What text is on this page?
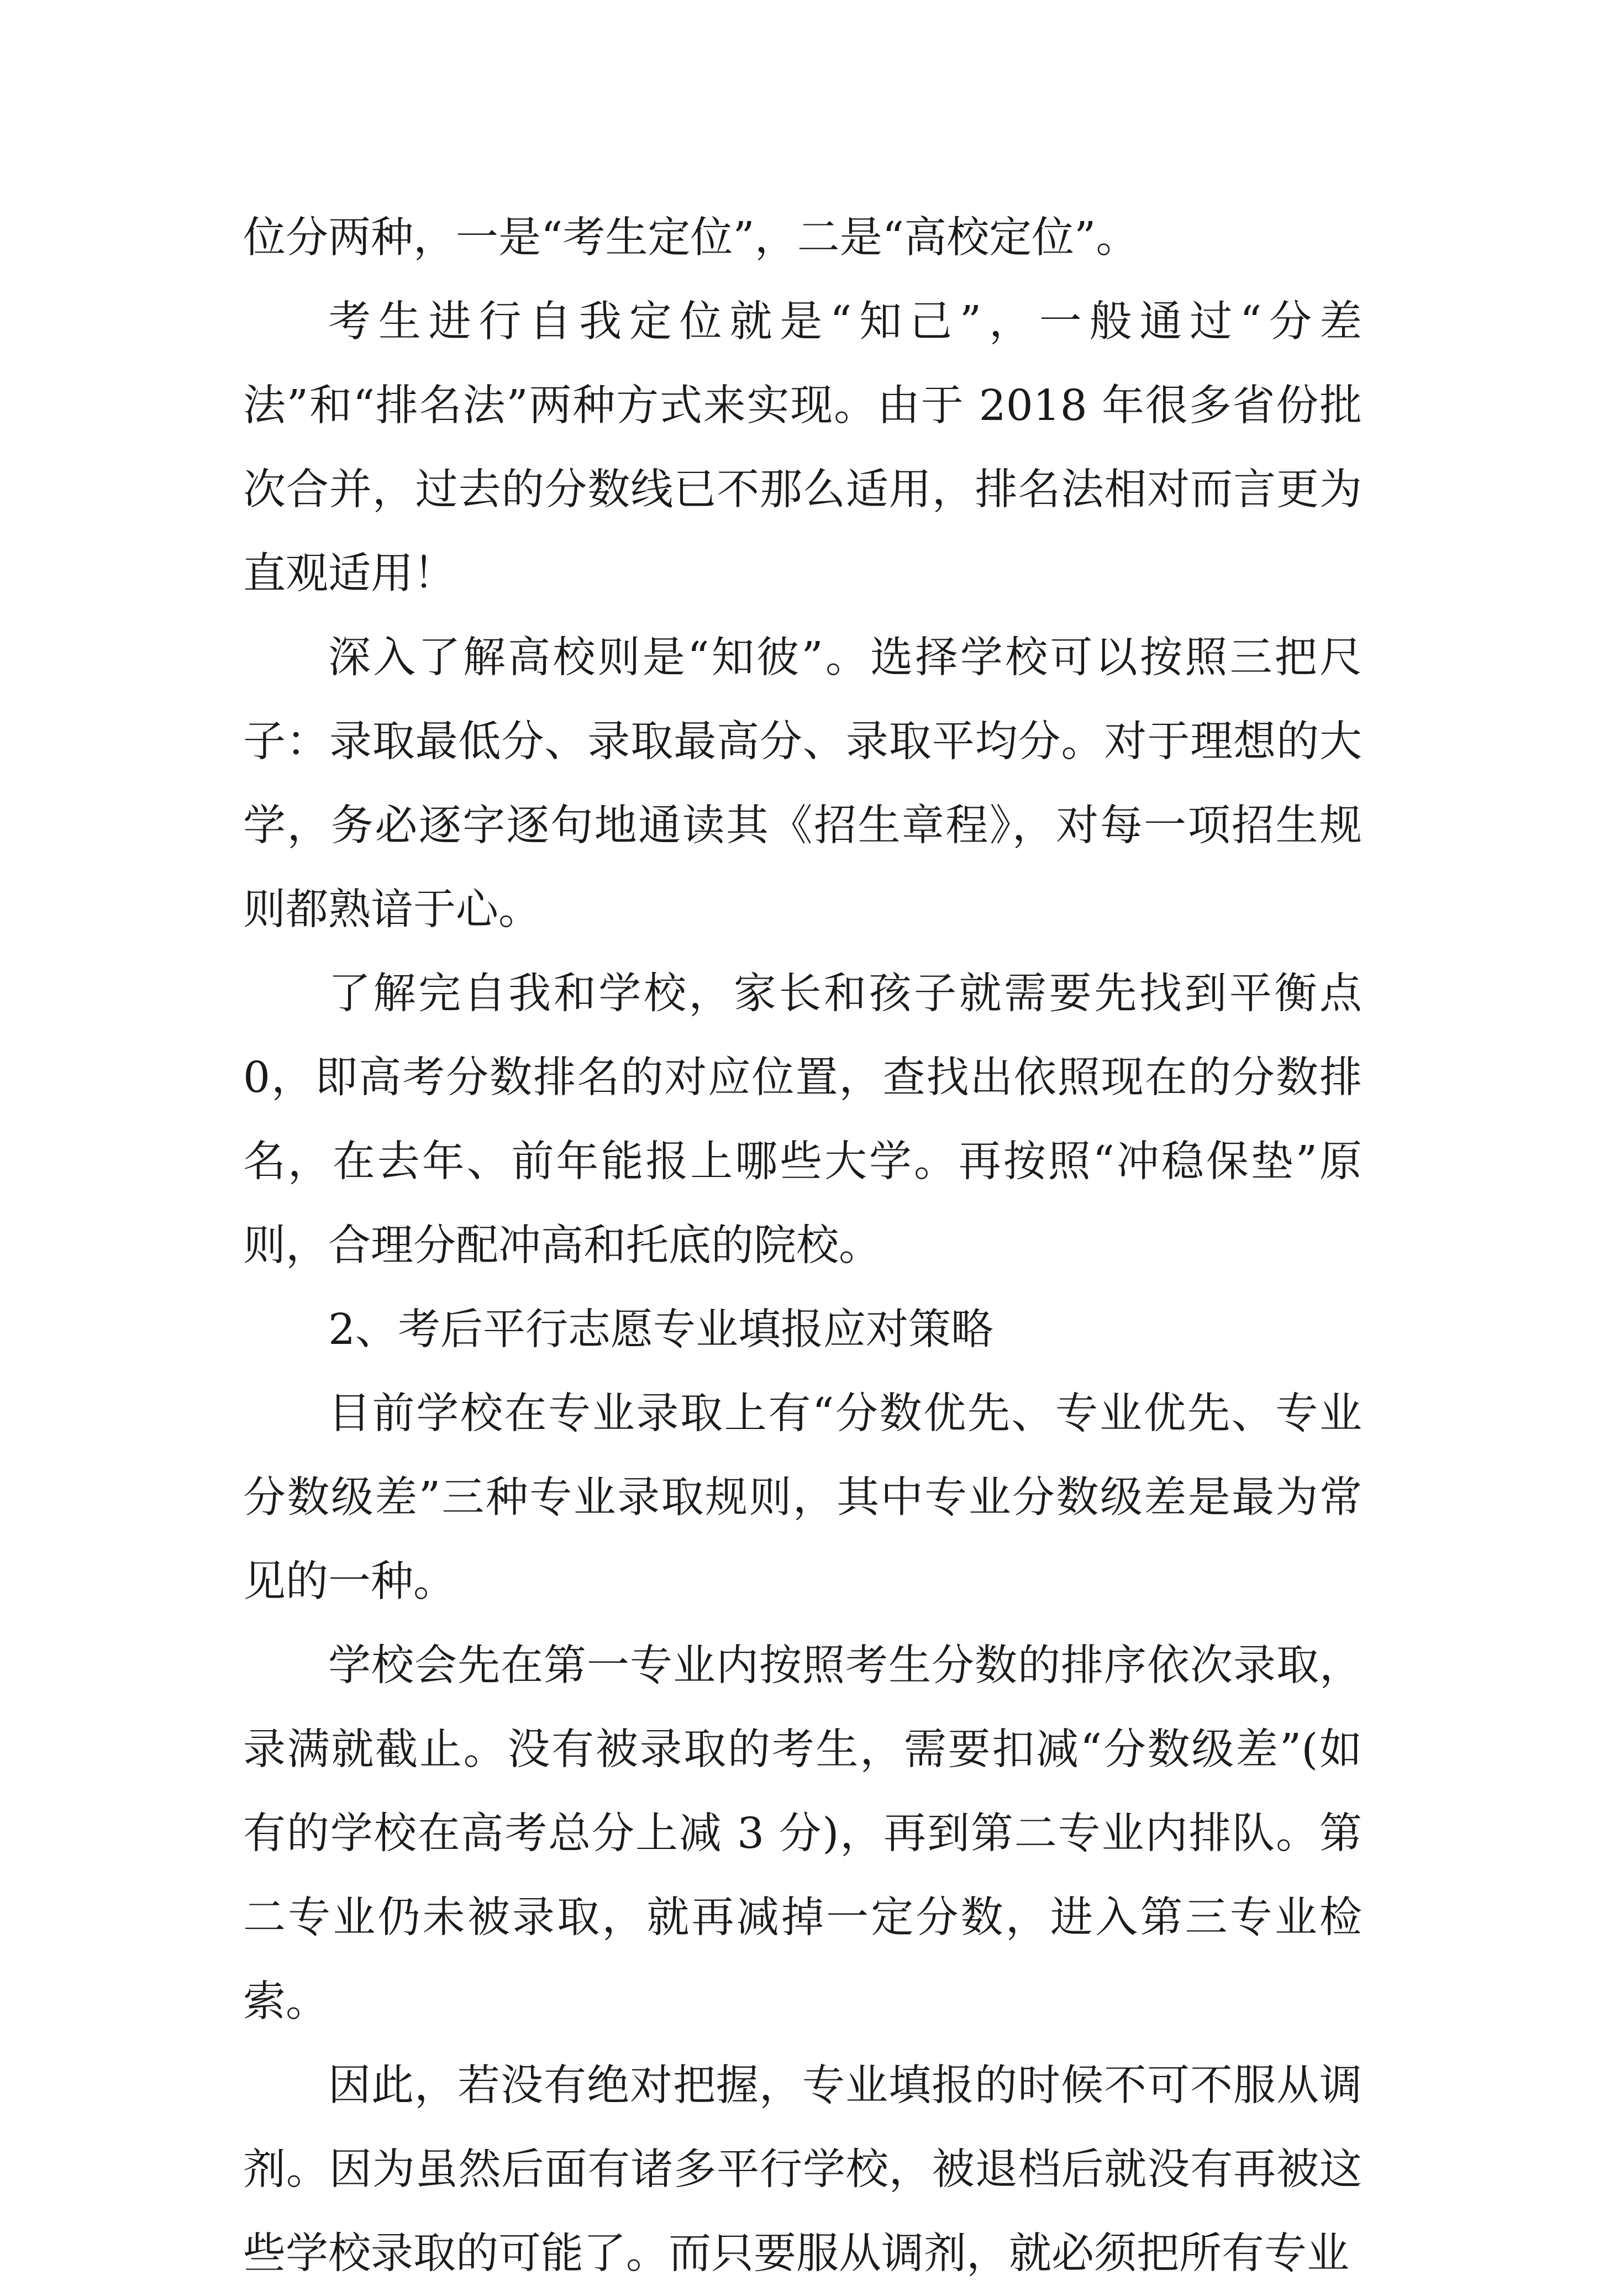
位分两种，一是“考生定位”，二是“高校定位”。

考生进行自我定位就是“知己”，一般通过“分差法”和“排名法”两种方式来实现。由于 2018 年很多省份批次合并，过去的分数线已不那么适用，排名法相对而言更为直观适用！

深入了解高校则是“知彼”。选择学校可以按照三把尺子：录取最低分、录取最高分、录取平均分。对于理想的大学，务必逐字逐句地通读其《招生章程》，对每一项招生规则都熟谙于心。

了解完自我和学校，家长和孩子就需要先找到平衡点 0，即高考分数排名的对应位置，查找出依照现在的分数排名，在去年、前年能报上哪些大学。再按照“冲稳保垫”原则，合理分配冲高和托底的院校。

2、考后平行志愿专业填报应对策略

目前学校在专业录取上有“分数优先、专业优先、专业分数级差”三种专业录取规则，其中专业分数级差是最为常见的一种。

学校会先在第一专业内按照考生分数的排序依次录取，录满就截止。没有被录取的考生，需要扣减“分数级差”(如有的学校在高考总分上减 3 分)，再到第二专业内排队。第二专业仍未被录取，就再减掉一定分数，进入第三专业检索。

因此，若没有绝对把握，专业填报的时候不可不服从调剂。因为虽然后面有诸多平行学校，被退档后就没有再被这些学校录取的可能了。而只要服从调剂，就必须把所有专业
